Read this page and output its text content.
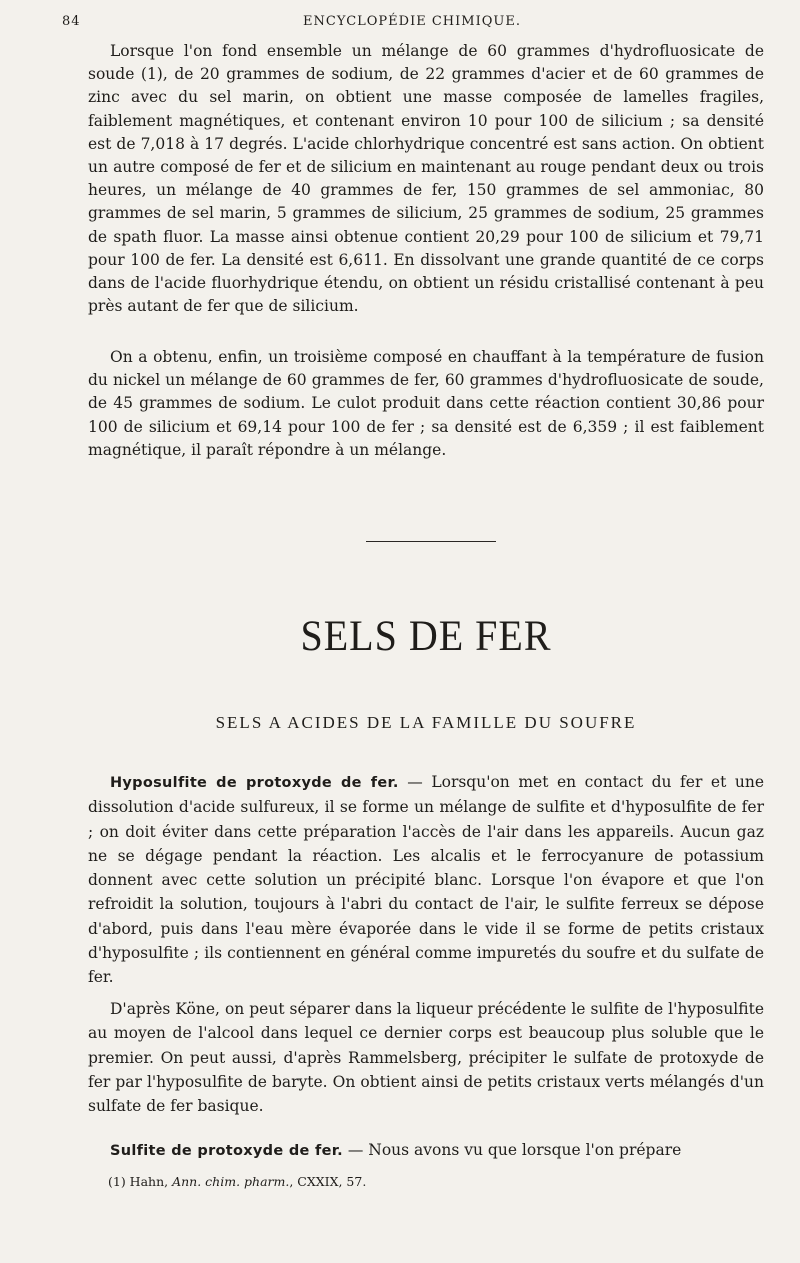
84	ENCYCLOPÉDIE CHIMIQUE.

Lorsque l'on fond ensemble un mélange de 60 grammes d'hydrofluosicate de soude (1), de 20 grammes de sodium, de 22 grammes d'acier et de 60 grammes de zinc avec du sel marin, on obtient une masse composée de lamelles fragiles, faiblement magnétiques, et contenant environ 10 pour 100 de silicium ; sa densité est de 7,018 à 17 degrés. L'acide chlorhydrique concentré est sans action. On obtient un autre composé de fer et de silicium en maintenant au rouge pendant deux ou trois heures, un mélange de 40 grammes de fer, 150 grammes de sel ammoniac, 80 grammes de sel marin, 5 grammes de silicium, 25 grammes de sodium, 25 grammes de spath fluor. La masse ainsi obtenue contient 20,29 pour 100 de silicium et 79,71 pour 100 de fer. La densité est 6,611. En dissolvant une grande quantité de ce corps dans de l'acide fluorhydrique étendu, on obtient un résidu cristallisé contenant à peu près autant de fer que de silicium.

On a obtenu, enfin, un troisième composé en chauffant à la température de fusion du nickel un mélange de 60 grammes de fer, 60 grammes d'hydrofluosicate de soude, de 45 grammes de sodium. Le culot produit dans cette réaction contient 30,86 pour 100 de silicium et 69,14 pour 100 de fer ; sa densité est de 6,359 ; il est faiblement magnétique, il paraît répondre à un mélange.

SELS DE FER
SELS A ACIDES DE LA FAMILLE DU SOUFRE

Hyposulfite de protoxyde de fer. — Lorsqu'on met en contact du fer et une dissolution d'acide sulfureux, il se forme un mélange de sulfite et d'hyposulfite de fer ; on doit éviter dans cette préparation l'accès de l'air dans les appareils. Aucun gaz ne se dégage pendant la réaction. Les alcalis et le ferrocyanure de potassium donnent avec cette solution un précipité blanc. Lorsque l'on évapore et que l'on refroidit la solution, toujours à l'abri du contact de l'air, le sulfite ferreux se dépose d'abord, puis dans l'eau mère évaporée dans le vide il se forme de petits cristaux d'hyposulfite ; ils contiennent en général comme impuretés du soufre et du sulfate de fer.

D'après Köne, on peut séparer dans la liqueur précédente le sulfite de l'hyposulfite au moyen de l'alcool dans lequel ce dernier corps est beaucoup plus soluble que le premier. On peut aussi, d'après Rammelsberg, précipiter le sulfate de protoxyde de fer par l'hyposulfite de baryte. On obtient ainsi de petits cristaux verts mélangés d'un sulfate de fer basique.

Sulfite de protoxyde de fer. — Nous avons vu que lorsque l'on prépare

(1) Hahn, Ann. chim. pharm., CXXIX, 57.
